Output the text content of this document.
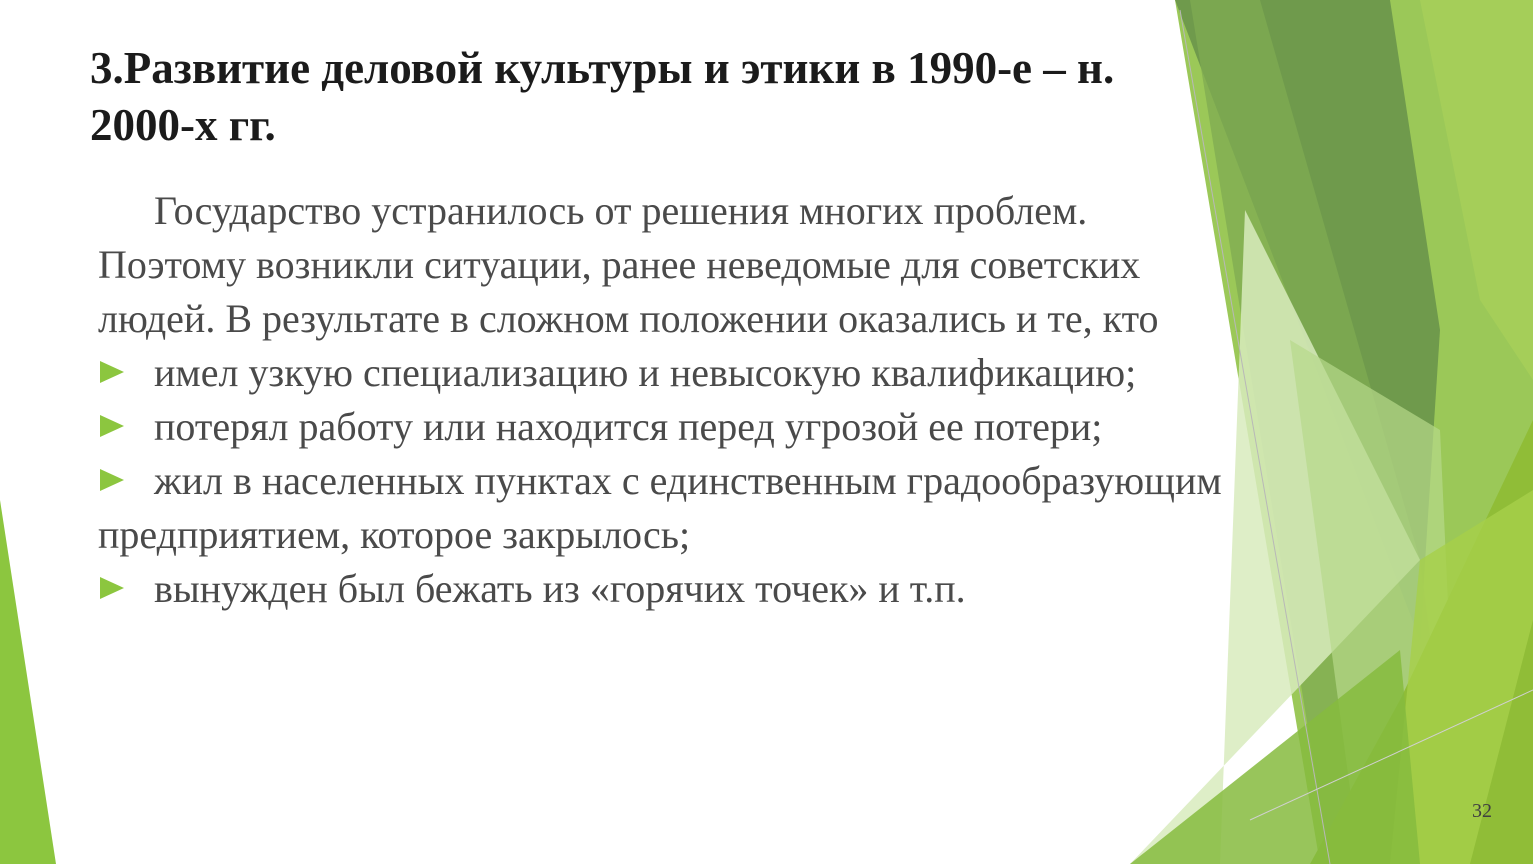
3.Развитие деловой культуры и этики в 1990-е – н. 2000-х гг.

Государство устранилось от решения многих проблем. Поэтому возникли ситуации, ранее неведомые для советских людей. В результате в сложном положении оказались и те, кто

имел узкую специализацию и невысокую квалификацию;

потерял работу или находится перед угрозой ее потери;

жил в населенных пунктах с единственным градообразующим предприятием, которое закрылось;

вынужден был бежать из «горячих точек» и т.п.

32
